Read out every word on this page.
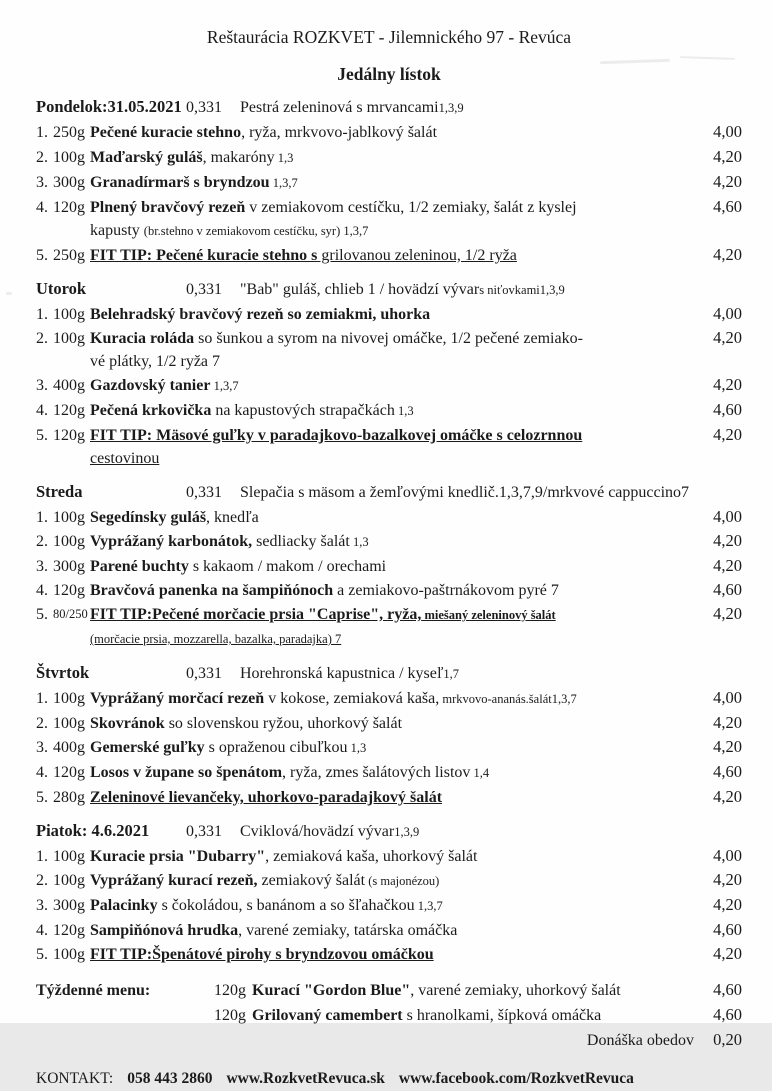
Reštaurácia ROZKVET - Jilemnického 97 - Revúca
Jedálny lístok
Pondelok:31.05.2021 0,331 Pestrá zeleninová s mrvancami 1,3,9
1. 250g Pečené kuracie stehno, ryža, mrkvovo-jablkový šalát	4,00
2. 100g Maďarský guláš, makaróny 1,3	4,20
3. 300g Granadírmarš s bryndzou 1,3,7	4,20
4. 120g Plnený bravčový rezeň v zemiakovom cestíčku, 1/2 zemiaky, šalát z kyslej	4,60
kapusty (br.stehno v zemiakovom cestíčku, syr) 1,3,7
5. 250g FIT TIP: Pečené kuracie stehno s grilovanou zeleninou, 1/2 ryža	4,20
Utorok	0,331 "Bab" guláš, chlieb 1 / hovädzí vývar s niťovkami1,3,9
1. 100g Belehradský bravčový rezeň so zemiakmi, uhorka	4,00
2. 100g Kuracia roláda so šunkou a syrom na nivovej omáčke, 1/2 pečené zemiako-	4,20
vé plátky, 1/2 ryža 7
3. 400g Gazdovský tanier 1,3,7	4,20
4. 120g Pečená krkovička na kapustových strapačkách 1,3	4,60
5. 120g FIT TIP: Mäsové guľky v paradajkovo-bazalkovej omáčke s celozrnnou	4,20
cestovinou
Streda	0,331 Slepačia s mäsom a žemľovými knedlič.1,3,7,9/mrkvové cappuccino7
1. 100g Segedínsky guláš, knedľa	4,00
2. 100g Vyprážaný karbonátok, sedliacky šalát 1,3	4,20
3. 300g Parené buchty s kakaom / makom / orechami	4,20
4. 120g Bravčová panenka na šampiňónoch a zemiakovo-paštrnákovom pyré 7	4,60
5. 80/250 FIT TIP:Pečené morčacie prsia "Caprise", ryža, miešaný zeleninový šalát	4,20
(morčacie prsia, mozzarella, bazalka, paradajka) 7
Štvrtok	0,331 Horehronská kapustnica / kyseľ 1,7
1. 100g Vyprážaný morčací rezeň v kokose, zemiaková kaša, mrkvovo-ananás.šalát1,3,7	4,00
2. 100g Skovránok so slovenskou ryžou, uhorkový šalát	4,20
3. 400g Gemerské guľky s opraženou cibuľkou 1,3	4,20
4. 120g Losos v župane so špenátom, ryža, zmes šalátových listov 1,4	4,60
5. 280g Zeleninové lievančeky, uhorkovo-paradajkový šalát	4,20
Piatok: 4.6.2021	0,331 Cviklová/hovädzí vývar 1,3,9
1. 100g Kuracie prsia "Dubarry", zemiaková kaša, uhorkový šalát	4,00
2. 100g Vyprážaný kurací rezeň, zemiakový šalát (s majonézou)	4,20
3. 300g Palacinky s čokoládou, s banánom a so šľahačkou 1,3,7	4,20
4. 120g Sampiňónová hrudka, varené zemiaky, tatárska omáčka	4,60
5. 100g FIT TIP:Špenátové pirohy s bryndzovou omáčkou	4,20
Týždenné menu:	120g Kurací "Gordon Blue", varené zemiaky, uhorkový šalát	4,60
120g Grilovaný camembert s hranolkami, šípková omáčka	4,60
Donáška obedov	0,20
KONTAKT: 058 443 2860 www.RozkvetRevuca.sk www.facebook.com/RozkvetRevuca
